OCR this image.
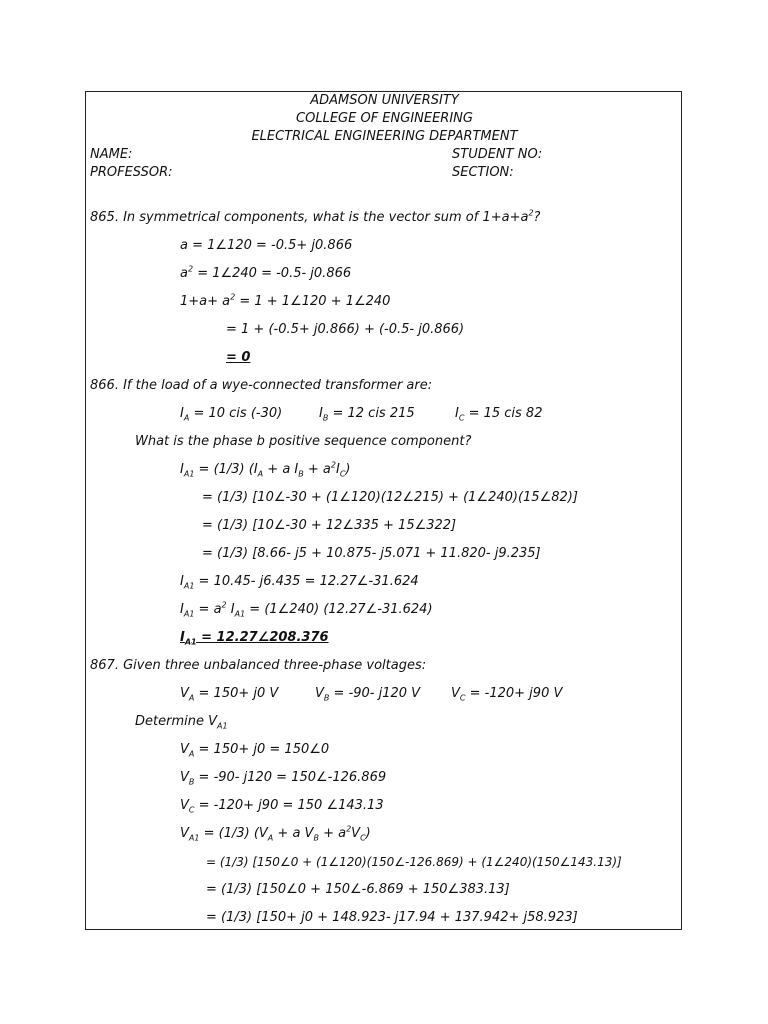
ADAMSON UNIVERSITY
COLLEGE OF ENGINEERING
ELECTRICAL ENGINEERING DEPARTMENT
NAME:	STUDENT NO:
PROFESSOR:	SECTION:
865. In symmetrical components, what is the vector sum of $1+a+a^2$?
a = 1∠120 = -0.5+ j0.866
$a^2$ = 1∠240 = -0.5- j0.866
$1+a+ a^2 = 1$ + 1∠120 + 1∠240
= 1 + (-0.5+ j0.866) + (-0.5- j0.866)
= 0
866. If the load of a wye-connected transformer are:
$I_A = 10$ cis (-30)	$I_B = 12$ cis 215	$I_C = 15$ cis 82
What is the phase b positive sequence component?
$I_{A1} = (1/3) (I_A + a$ $I_B + a^2I_C$)
= (1/3) [10∠-30 + (1∠120)(12∠215) + (1∠240)(15∠82)]
= (1/3) [10∠-30 + 12∠335 + 15∠322]
= (1/3) [8.66- j5 + 10.875- j5.071 + 11.820- j9.235]
$I_{A1} = 10.45-$ j6.435 = 12.27∠-31.624
$I_{A1} = a^2$ $I_{A1}$ = (1∠240) (12.27∠-31.624)
$I_{A1}$ = 12.27∠208.376
867. Given three unbalanced three-phase voltages:
$V_A = 150+ j0$ V	$V_B = -90-$ j120 V $V_C = -120+ j90$ V
Determine $V_{A1}$
$V_A = 150+ j0$ = 150∠0
$V_B = -90-$ j120 = 150∠-126.869
$V_C = -120+ j90 = 150$ ∠143.13
$V_{A1} = (1/3) (V_A + a$ $V_B + a^2V_C$)
= (1/3) [150∠0 + (1∠120)(150∠-126.869) + (1∠240)(150∠143.13)]
= (1/3) [150∠0 + 150∠-6.869 + 150∠383.13]
= (1/3) [150+ j0 + 148.923- j17.94 + 137.942+ j58.923]
